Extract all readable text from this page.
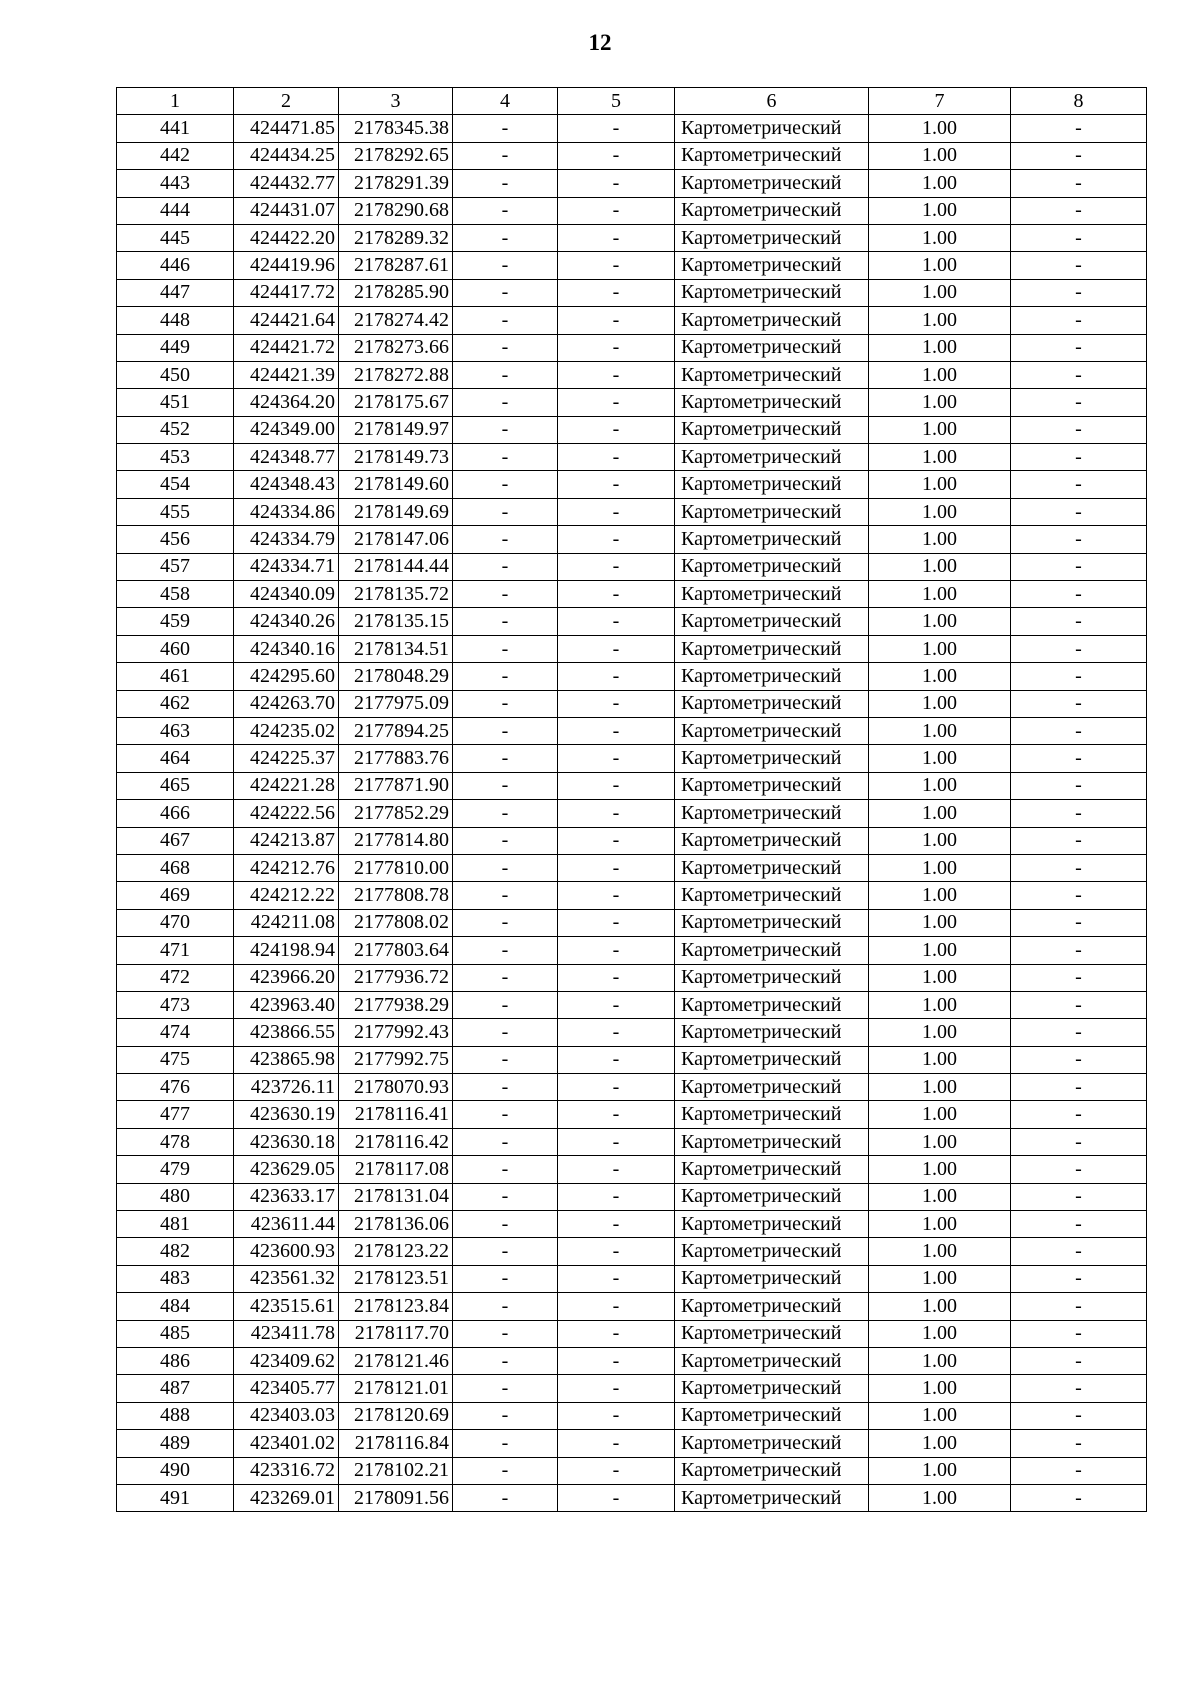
12
1	2	3	4	5	6	7	8
441	424471.85	2178345.38	-	-	Картометрический	1.00	-
442	424434.25	2178292.65	-	-	Картометрический	1.00	-
443	424432.77	2178291.39	-	-	Картометрический	1.00	-
444	424431.07	2178290.68	-	-	Картометрический	1.00	-
445	424422.20	2178289.32	-	-	Картометрический	1.00	-
446	424419.96	2178287.61	-	-	Картометрический	1.00	-
447	424417.72	2178285.90	-	-	Картометрический	1.00	-
448	424421.64	2178274.42	-	-	Картометрический	1.00	-
449	424421.72	2178273.66	-	-	Картометрический	1.00	-
450	424421.39	2178272.88	-	-	Картометрический	1.00	-
451	424364.20	2178175.67	-	-	Картометрический	1.00	-
452	424349.00	2178149.97	-	-	Картометрический	1.00	-
453	424348.77	2178149.73	-	-	Картометрический	1.00	-
454	424348.43	2178149.60	-	-	Картометрический	1.00	-
455	424334.86	2178149.69	-	-	Картометрический	1.00	-
456	424334.79	2178147.06	-	-	Картометрический	1.00	-
457	424334.71	2178144.44	-	-	Картометрический	1.00	-
458	424340.09	2178135.72	-	-	Картометрический	1.00	-
459	424340.26	2178135.15	-	-	Картометрический	1.00	-
460	424340.16	2178134.51	-	-	Картометрический	1.00	-
461	424295.60	2178048.29	-	-	Картометрический	1.00	-
462	424263.70	2177975.09	-	-	Картометрический	1.00	-
463	424235.02	2177894.25	-	-	Картометрический	1.00	-
464	424225.37	2177883.76	-	-	Картометрический	1.00	-
465	424221.28	2177871.90	-	-	Картометрический	1.00	-
466	424222.56	2177852.29	-	-	Картометрический	1.00	-
467	424213.87	2177814.80	-	-	Картометрический	1.00	-
468	424212.76	2177810.00	-	-	Картометрический	1.00	-
469	424212.22	2177808.78	-	-	Картометрический	1.00	-
470	424211.08	2177808.02	-	-	Картометрический	1.00	-
471	424198.94	2177803.64	-	-	Картометрический	1.00	-
472	423966.20	2177936.72	-	-	Картометрический	1.00	-
473	423963.40	2177938.29	-	-	Картометрический	1.00	-
474	423866.55	2177992.43	-	-	Картометрический	1.00	-
475	423865.98	2177992.75	-	-	Картометрический	1.00	-
476	423726.11	2178070.93	-	-	Картометрический	1.00	-
477	423630.19	2178116.41	-	-	Картометрический	1.00	-
478	423630.18	2178116.42	-	-	Картометрический	1.00	-
479	423629.05	2178117.08	-	-	Картометрический	1.00	-
480	423633.17	2178131.04	-	-	Картометрический	1.00	-
481	423611.44	2178136.06	-	-	Картометрический	1.00	-
482	423600.93	2178123.22	-	-	Картометрический	1.00	-
483	423561.32	2178123.51	-	-	Картометрический	1.00	-
484	423515.61	2178123.84	-	-	Картометрический	1.00	-
485	423411.78	2178117.70	-	-	Картометрический	1.00	-
486	423409.62	2178121.46	-	-	Картометрический	1.00	-
487	423405.77	2178121.01	-	-	Картометрический	1.00	-
488	423403.03	2178120.69	-	-	Картометрический	1.00	-
489	423401.02	2178116.84	-	-	Картометрический	1.00	-
490	423316.72	2178102.21	-	-	Картометрический	1.00	-
491	423269.01	2178091.56	-	-	Картометрический	1.00	-
